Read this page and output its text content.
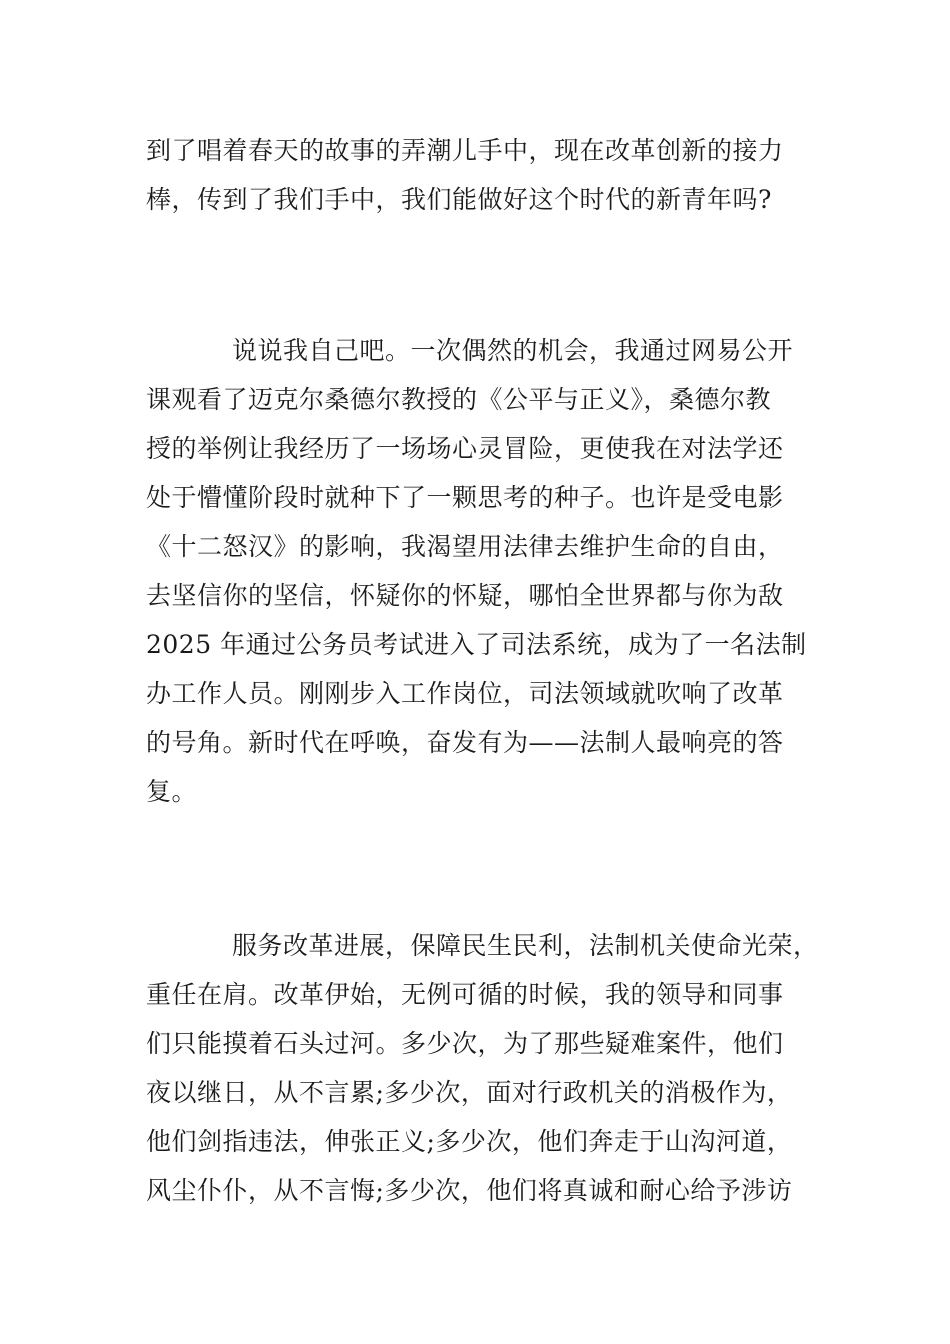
到了唱着春天的故事的弄潮儿手中，现在改革创新的接力
棒，传到了我们手中，我们能做好这个时代的新青年吗?
说说我自己吧。一次偶然的机会，我通过网易公开
课观看了迈克尔桑德尔教授的《公平与正义》，桑德尔教
授的举例让我经历了一场场心灵冒险，更使我在对法学还
处于懵懂阶段时就种下了一颗思考的种子。也许是受电影
《十二怒汉》的影响，我渴望用法律去维护生命的自由，
去坚信你的坚信，怀疑你的怀疑，哪怕全世界都与你为敌
2025 年通过公务员考试进入了司法系统，成为了一名法制
办工作人员。刚刚步入工作岗位，司法领域就吹响了改革
的号角。新时代在呼唤，奋发有为——法制人最响亮的答
复。
服务改革进展，保障民生民利，法制机关使命光荣，
重任在肩。改革伊始，无例可循的时候，我的领导和同事
们只能摸着石头过河。多少次，为了那些疑难案件，他们
夜以继日，从不言累;多少次，面对行政机关的消极作为，
他们剑指违法，伸张正义;多少次，他们奔走于山沟河道，
风尘仆仆，从不言悔;多少次，他们将真诚和耐心给予涉访
